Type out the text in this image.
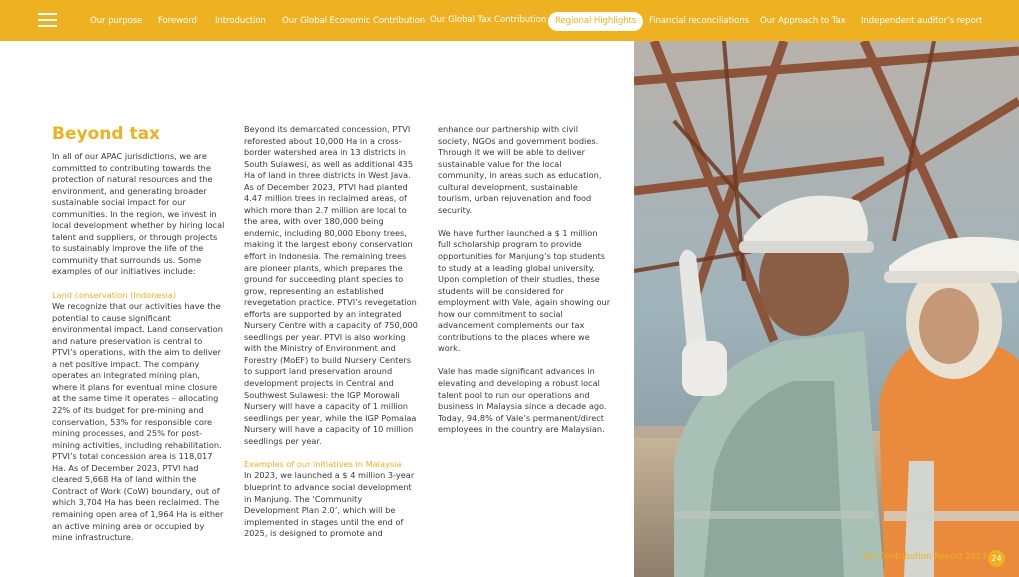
Our purpose Foreword Introduction Our Global Economic Contribution Our Global Tax Contribution	Regional Highlights	Financial reconciliations Our Approach to Tax Independent auditor’s report
Beyond tax

In all of our APAC jurisdictions, we are committed to contributing towards the protection of natural resources and the environment, and generating broader sustainable social impact for our communities. In the region, we invest in local development whether by hiring local talent and suppliers, or through projects to sustainably improve the life of the community that surrounds us. Some examples of our initiatives include:

Land conservation (Indonesia)

We recognize that our activities have the potential to cause significant environmental impact. Land conservation and nature preservation is central to PTVI’s operations, with the aim to deliver a net positive impact. The company operates an integrated mining plan, where it plans for eventual mine closure at the same time it operates – allocating 22% of its budget for pre-mining and conservation, 53% for responsible core mining processes, and 25% for post-mining activities, including rehabilitation. PTVI’s total concession area is 118,017 Ha. As of December 2023, PTVI had cleared 5,668 Ha of land within the Contract of Work (CoW) boundary, out of which 3,704 Ha has been reclaimed. The remaining open area of 1,964 Ha is either an active mining area or occupied by mine infrastructure.

Beyond its demarcated concession, PTVI reforested about 10,000 Ha in a cross-border watershed area in 13 districts in South Sulawesi, as well as additional 435 Ha of land in three districts in West Java. As of December 2023, PTVI had planted 4.47 million trees in reclaimed areas, of which more than 2.7 million are local to the area, with over 180,000 being endemic, including 80,000 Ebony trees, making it the largest ebony conservation effort in Indonesia. The remaining trees are pioneer plants, which prepares the ground for succeeding plant species to grow, representing an established revegetation practice. PTVI’s revegetation efforts are supported by an integrated Nursery Centre with a capacity of 750,000 seedlings per year. PTVI is also working with the Ministry of Environment and Forestry (MoEF) to build Nursery Centers to support land preservation around development projects in Central and Southwest Sulawesi: the IGP Morowali Nursery will have a capacity of 1 million seedlings per year, while the IGP Pomalaa Nursery will have a capacity of 10 million seedlings per year.

Examples of our initiatives in Malaysia

In 2023, we launched a $ 4 million 3-year blueprint to advance social development in Manjung. The ‘Community Development Plan 2.0’, which will be implemented in stages until the end of 2025, is designed to promote and

enhance our partnership with civil society, NGOs and government bodies. Through it we will be able to deliver sustainable value for the local community, in areas such as education, cultural development, sustainable tourism, urban rejuvenation and food security.

We have further launched a $ 1 million full scholarship program to provide opportunities for Manjung’s top students to study at a leading global university. Upon completion of their studies, these students will be considered for employment with Vale, again showing our how our commitment to social advancement complements our tax contributions to the places where we work.

Vale has made significant advances in elevating and developing a robust local talent pool to run our operations and business in Malaysia since a decade ago. Today, 94.8% of Vale’s permanent/direct employees in the country are Malaysian.

Tax Contribution Report 2023 24
